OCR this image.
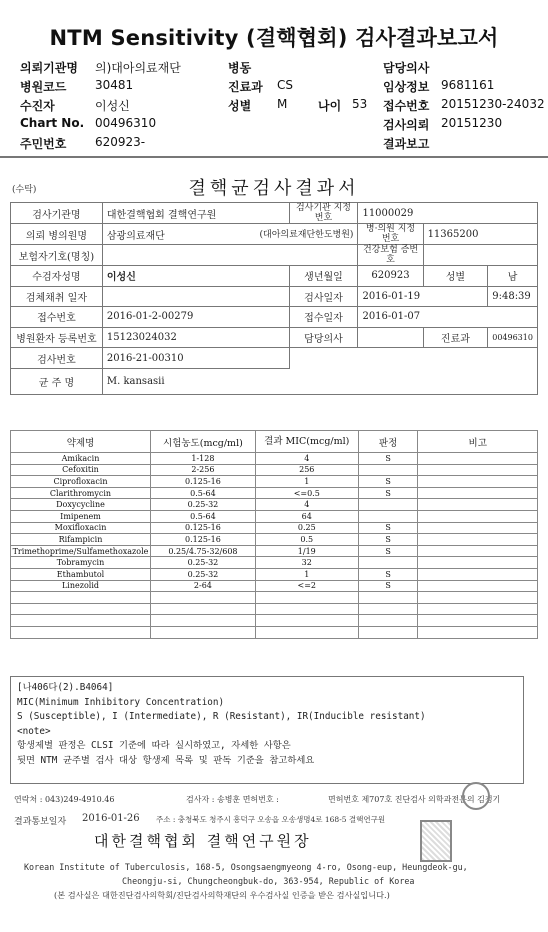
NTM Sensitivity (결핵협회) 검사결과보고서
의뢰기관명 의)대아의료재단
병원코드 30481
수진자	이성신
Chart No. 00496310
주민번호 620923-
병동
진료과 CS
성별 M	나이 53
담당의사
임상정보 9681161
접수번호 20151230-24032
검사의뢰 20151230
결과보고
(수탁)	결핵균검사결과서
검사기관명	대한결핵협회 결핵연구원	검사기관 지정번호	11000029		
의뢰 병의원명	삼광의료재단 (대아의료재단한도병원)		병·의원 지정번호	11365200	
보험자기호(명칭)			건강보험 증번호		
수검자성명	이성신	생년월일	620923	성별	남
검체채취 일자		검사일자	2016-01-19		9:48:39
접수번호	2016-01-2-00279	접수일자	2016-01-07		
병원환자 등록번호	15123024032	담당의사		진료과	00496310
검사번호	2016-21-00310				
균 주 명	M. kansasii				
약제명	시험농도(mcg/ml)	결과 MIC(mcg/ml)	판정	비고
Amikacin	1-128	4	S	
Cefoxitin	2-256	256		
Ciprofloxacin	0.125-16	1	S	
Clarithromycin	0.5-64	<=0.5	S	
Doxycycline	0.25-32	4		
Imipenem	0.5-64	64		
Moxifloxacin	0.125-16	0.25	S	
Rifampicin	0.125-16	0.5	S	
Trimethoprime/Sulfamethoxazole	0.25/4.75-32/608	1/19	S	
Tobramycin	0.25-32	32		
Ethambutol	0.25-32	1	S	
Linezolid	2-64	<=2	S	

[나406다(2).B4064]
MIC(Minimum Inhibitory Concentration)
S (Susceptible), I (Intermediate), R (Resistant), IR(Inducible resistant)
<note>
항생제별 판정은 CLSI 기준에 따라 실시하였고, 자세한 사항은
뒷면 NTM 균주별 검사 대상 항생제 목록 및 판독 기준을 참고하세요
연락처 : 043)249-4910.46	검사자 : 송병훈 면허번호 :	면허번호 제707호 진단검사 의학과전문의 김정기
결과통보일자 2016-01-26 주소 : 충청북도 청주시 흥덕구 오송읍 오송생명4로 168-5 결핵연구원
대한결핵협회 결핵연구원장
Korean Institute of Tuberculosis, 168-5, Osongsaengmyeong 4-ro, Osong-eup, Heungdeok-gu,
Cheongju-si, Chungcheongbuk-do, 363-954, Republic of Korea
(본 검사실은 대한진단검사의학회/진단검사의학재단의 우수검사실 인증을 받은 검사실입니다.)
